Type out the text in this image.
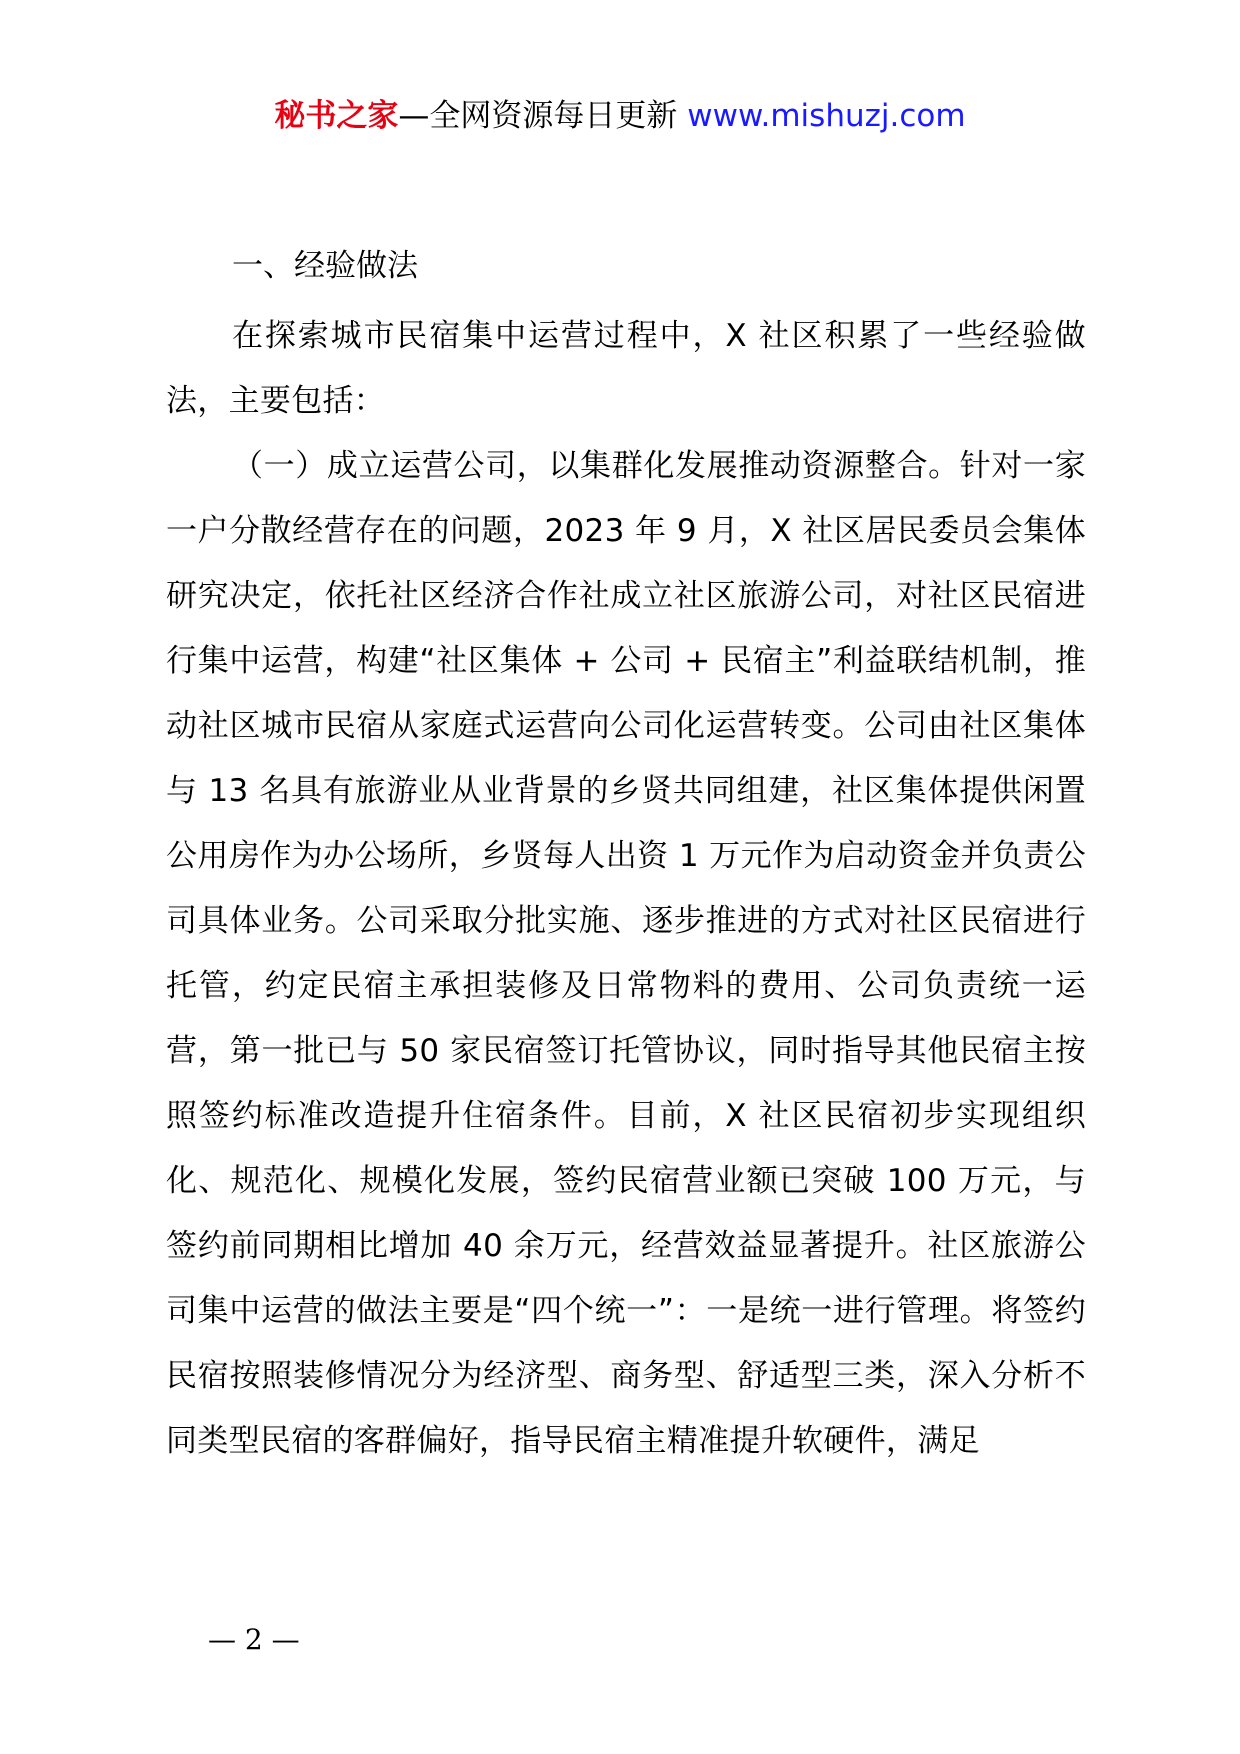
秘书之家—全网资源每日更新 www.mishuzj.com

一、经验做法

在探索城市民宿集中运营过程中，X 社区积累了一些经验做法，主要包括：

（一）成立运营公司，以集群化发展推动资源整合。针对一家一户分散经营存在的问题，2023 年 9 月，X 社区居民委员会集体研究决定，依托社区经济合作社成立社区旅游公司，对社区民宿进行集中运营，构建“社区集体 + 公司 + 民宿主”利益联结机制，推动社区城市民宿从家庭式运营向公司化运营转变。公司由社区集体与 13 名具有旅游业从业背景的乡贤共同组建，社区集体提供闲置公用房作为办公场所，乡贤每人出资 1 万元作为启动资金并负责公司具体业务。公司采取分批实施、逐步推进的方式对社区民宿进行托管，约定民宿主承担装修及日常物料的费用、公司负责统一运营，第一批已与 50 家民宿签订托管协议，同时指导其他民宿主按照签约标准改造提升住宿条件。目前，X 社区民宿初步实现组织化、规范化、规模化发展，签约民宿营业额已突破 100 万元，与签约前同期相比增加 40 余万元，经营效益显著提升。社区旅游公司集中运营的做法主要是“四个统一”：一是统一进行管理。将签约民宿按照装修情况分为经济型、商务型、舒适型三类，深入分析不同类型民宿的客群偏好，指导民宿主精准提升软硬件，满足

— 2 —
